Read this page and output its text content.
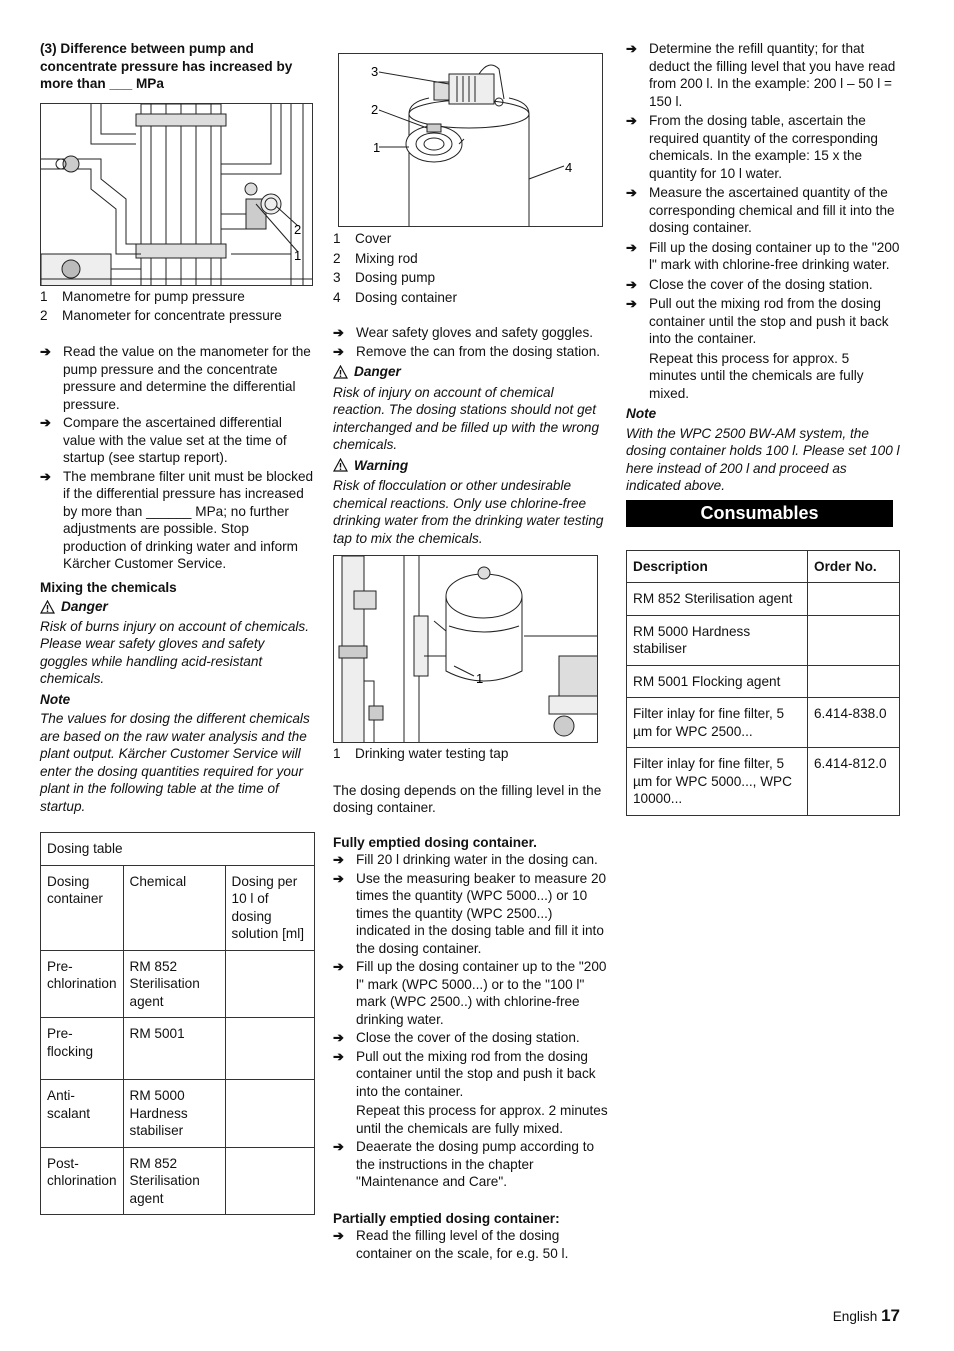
(3) Difference between pump and concentrate pressure has increased by more than ___ MPa
2
1
1	Manometre for pump pressure
2	Manometer for concentrate pressure
➔ Read the value on the manometer for the pump pressure and the concentrate pressure and determine the differential pressure.
➔ Compare the ascertained differential value with the value set at the time of startup (see startup report).
➔ The membrane filter unit must be blocked if the differential pressure has increased by more than ______ MPa; no further adjustments are possible. Stop production of drinking water and inform Kärcher Customer Service.
Mixing the chemicals
Danger
Risk of burns injury on account of chemicals. Please wear safety gloves and safety goggles while handling acid-resistant chemicals.
Note
The values for dosing the different chemicals are based on the raw water analysis and the plant output. Kärcher Customer Service will enter the dosing quantities required for your plant in the following table at the time of startup.
Dosing table		
Dosing container	Chemical	Dosing per 10 l of dosing solution [ml]
Pre-chlorination	RM 852 Sterilisation agent	
Pre-flocking	RM 5001	
Anti-scalant	RM 5000 Hardness stabiliser	
Post-chlorination	RM 852 Sterilisation agent	
3
2
1
4
1	Cover
2	Mixing rod
3	Dosing pump
4	Dosing container
➔ Wear safety gloves and safety goggles.
➔ Remove the can from the dosing station.
Danger
Risk of injury on account of chemical reaction. The dosing stations should not get interchanged and be filled up with the wrong chemicals.
Warning
Risk of flocculation or other undesirable chemical reactions. Only use chlorine-free drinking water from the drinking water testing tap to mix the chemicals.
1
1	Drinking water testing tap
The dosing depends on the filling level in the dosing container.
Fully emptied dosing container.
➔ Fill 20 l drinking water in the dosing can.
➔ Use the measuring beaker to measure 20 times the quantity (WPC 5000...) or 10 times the quantity (WPC 2500...) indicated in the dosing table and fill it into the dosing container.
➔ Fill up the dosing container up to the "200 l" mark (WPC 5000...) or to the "100 l" mark (WPC 2500..) with chlorine-free drinking water.
➔ Close the cover of the dosing station.
➔ Pull out the mixing rod from the dosing container until the stop and push it back into the container.
Repeat this process for approx. 2 minutes until the chemicals are fully mixed.
➔ Deaerate the dosing pump according to the instructions in the chapter "Maintenance and Care".
Partially emptied dosing container:
➔ Read the filling level of the dosing container on the scale, for e.g. 50 l.
➔ Determine the refill quantity; for that deduct the filling level that you have read from 200 l. In the example: 200 l – 50 l = 150 l.
➔ From the dosing table, ascertain the required quantity of the corresponding chemicals. In the example: 15 x the quantity for 10 l water.
➔ Measure the ascertained quantity of the corresponding chemical and fill it into the dosing container.
➔ Fill up the dosing container up to the "200 l" mark with chlorine-free drinking water.
➔ Close the cover of the dosing station.
➔ Pull out the mixing rod from the dosing container until the stop and push it back into the container.
Repeat this process for approx. 5 minutes until the chemicals are fully mixed.
Note
With the WPC 2500 BW-AM system, the dosing container holds 100 l. Please set 100 l here instead of 200 l and proceed as indicated above.
Consumables
Description	Order No.
RM 852 Sterilisation agent	
RM 5000 Hardness stabiliser	
RM 5001 Flocking agent	
Filter inlay for fine filter, 5 µm for WPC 2500...	6.414-838.0
Filter inlay for fine filter, 5 µm for WPC 5000..., WPC 10000...	6.414-812.0
English 17
